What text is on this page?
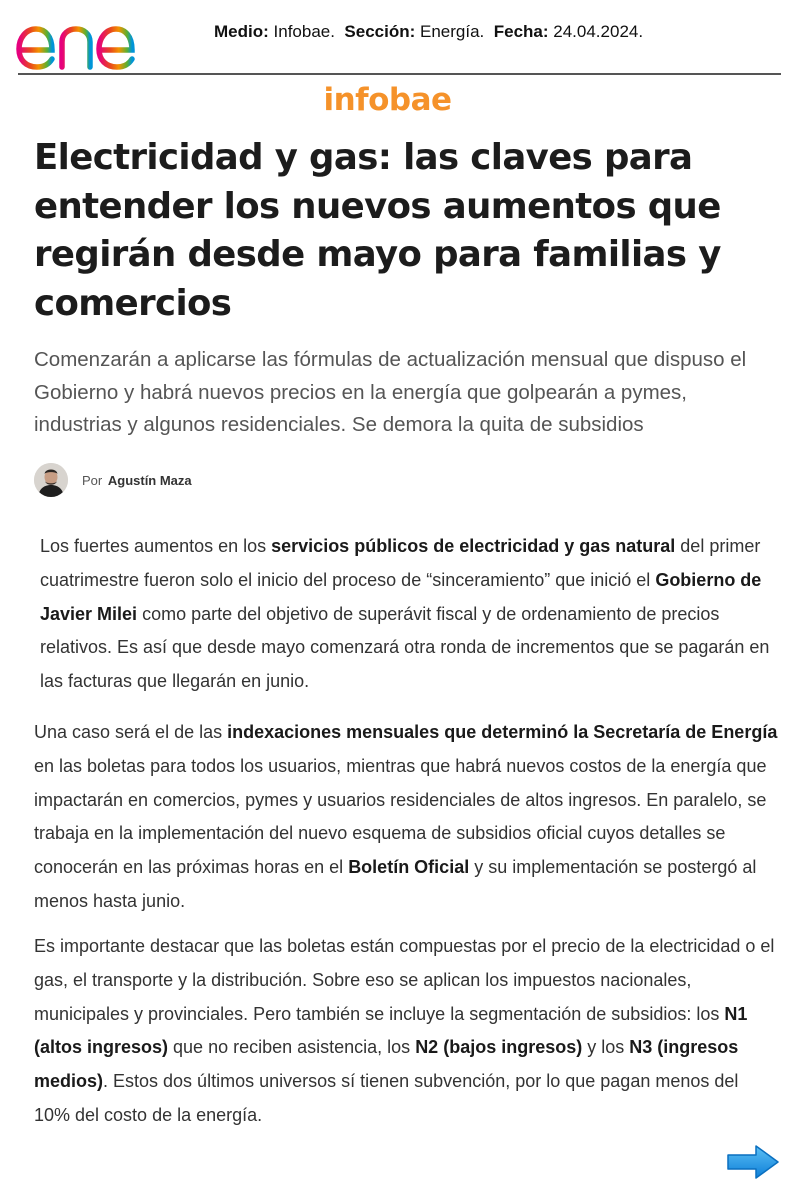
Medio: Infobae. Sección: Energía. Fecha: 24.04.2024.
infobae
Electricidad y gas: las claves para entender los nuevos aumentos que regirán desde mayo para familias y comercios

Comenzarán a aplicarse las fórmulas de actualización mensual que dispuso el Gobierno y habrá nuevos precios en la energía que golpearán a pymes, industrias y algunos residenciales. Se demora la quita de subsidios

Por Agustín Maza

Los fuertes aumentos en los servicios públicos de electricidad y gas natural del primer cuatrimestre fueron solo el inicio del proceso de “sinceramiento” que inició el Gobierno de Javier Milei como parte del objetivo de superávit fiscal y de ordenamiento de precios relativos. Es así que desde mayo comenzará otra ronda de incrementos que se pagarán en las facturas que llegarán en junio.

Una caso será el de las indexaciones mensuales que determinó la Secretaría de Energía en las boletas para todos los usuarios, mientras que habrá nuevos costos de la energía que impactarán en comercios, pymes y usuarios residenciales de altos ingresos. En paralelo, se trabaja en la implementación del nuevo esquema de subsidios oficial cuyos detalles se conocerán en las próximas horas en el Boletín Oficial y su implementación se postergó al menos hasta junio.

Es importante destacar que las boletas están compuestas por el precio de la electricidad o el gas, el transporte y la distribución. Sobre eso se aplican los impuestos nacionales, municipales y provinciales. Pero también se incluye la segmentación de subsidios: los N1 (altos ingresos) que no reciben asistencia, los N2 (bajos ingresos) y los N3 (ingresos medios). Estos dos últimos universos sí tienen subvención, por lo que pagan menos del 10% del costo de la energía.
